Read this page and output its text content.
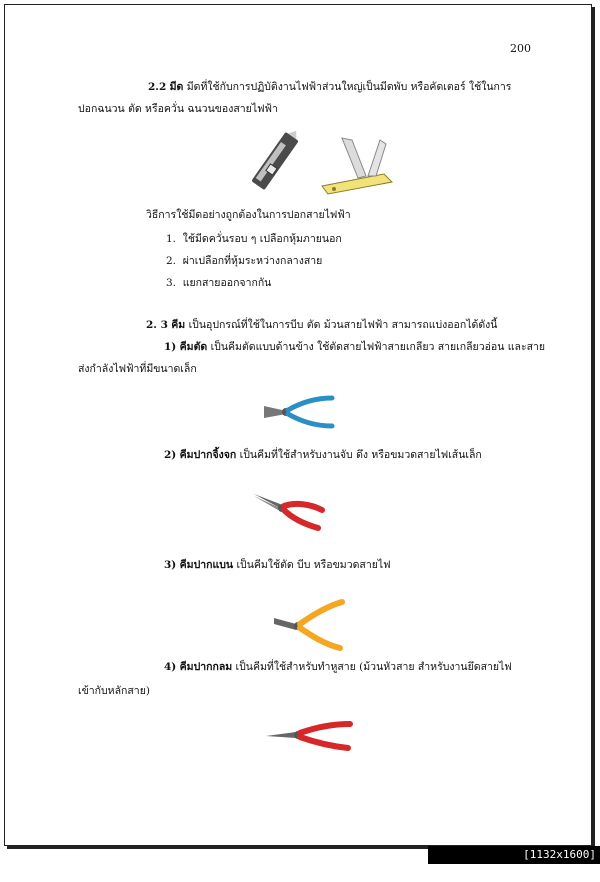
200
2.2 มีด มีดที่ใช้กับการปฏิบัติงานไฟฟ้าส่วนใหญ่เป็นมีดพับ หรือคัดเตอร์ ใช้ในการ
ปอกฉนวน ตัด หรือควั่น ฉนวนของสายไฟฟ้า
วิธีการใช้มีดอย่างถูกต้องในการปอกสายไฟฟ้า
1. ใช้มีดควั่นรอบ ๆ เปลือกหุ้มภายนอก
2. ผ่าเปลือกที่หุ้มระหว่างกลางสาย
3. แยกสายออกจากกัน
2. 3 คีม เป็นอุปกรณ์ที่ใช้ในการบีบ ตัด ม้วนสายไฟฟ้า สามารถแบ่งออกได้ดังนี้
1) คีมตัด เป็นคีมตัดแบบด้านข้าง ใช้ตัดสายไฟฟ้าสายเกลียว สายเกลียวอ่อน และสาย
ส่งกำลังไฟฟ้าที่มีขนาดเล็ก
2) คีมปากจิ้งจก เป็นคีมที่ใช้สำหรับงานจับ ดึง หรือขมวดสายไฟเส้นเล็ก
3) คีมปากแบน เป็นคีมใช้ตัด บีบ หรือขมวดสายไฟ
4) คีมปากกลม เป็นคีมที่ใช้สำหรับทำหูสาย (ม้วนหัวสาย สำหรับงานยึดสายไฟ
เข้ากับหลักสาย)
[1132x1600] https://upic.me/
